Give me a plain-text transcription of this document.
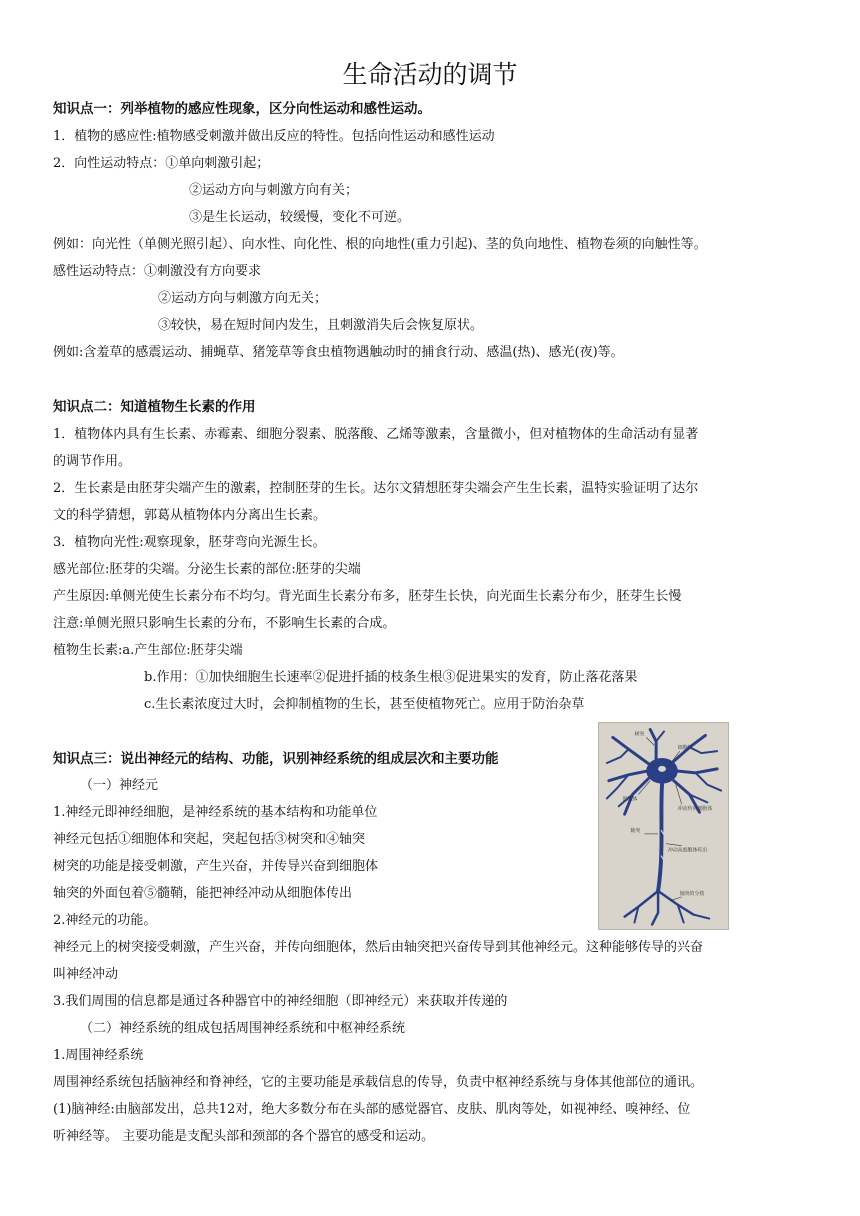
生命活动的调节
知识点一：列举植物的感应性现象，区分向性运动和感性运动。
1．植物的感应性:植物感受刺激并做出反应的特性。包括向性运动和感性运动
2．向性运动特点：①单向刺激引起；
②运动方向与刺激方向有关；
③是生长运动，较缓慢，变化不可逆。
例如：向光性（单侧光照引起）、向水性、向化性、根的向地性(重力引起)、茎的负向地性、植物卷须的向触性等。
感性运动特点：①刺激没有方向要求
②运动方向与刺激方向无关；
③较快，易在短时间内发生，且刺激消失后会恢复原状。
例如:含羞草的感震运动、捕蝇草、猪笼草等食虫植物遇触动时的捕食行动、感温(热)、感光(夜)等。
知识点二：知道植物生长素的作用
1．植物体内具有生长素、赤霉素、细胞分裂素、脱落酸、乙烯等激素，含量微小，但对植物体的生命活动有显著
的调节作用。
2．生长素是由胚芽尖端产生的激素，控制胚芽的生长。达尔文猜想胚芽尖端会产生生长素，温特实验证明了达尔
文的科学猜想，郭葛从植物体内分离出生长素。
3．植物向光性:观察现象，胚芽弯向光源生长。
感光部位:胚芽的尖端。分泌生长素的部位:胚芽的尖端
产生原因:单侧光使生长素分布不均匀。背光面生长素分布多，胚芽生长快，向光面生长素分布少，胚芽生长慢
注意:单侧光照只影响生长素的分布，不影响生长素的合成。
植物生长素:a.产生部位:胚芽尖端
b.作用：①加快细胞生长速率②促进扦插的枝条生根③促进果实的发育，防止落花落果
c.生长素浓度过大时，会抑制植物的生长，甚至使植物死亡。应用于防治杂草
知识点三：说出神经元的结构、功能，识别神经系统的组成层次和主要功能
（一）神经元
1.神经元即神经细胞，是神经系统的基本结构和功能单位
神经元包括①细胞体和突起，突起包括③树突和④轴突
树突的功能是接受刺激，产生兴奋，并传导兴奋到细胞体
轴突的外面包着⑤髓鞘，能把神经冲动从细胞体传出
2.神经元的功能。
神经元上的树突接受刺激，产生兴奋，并传向细胞体，然后由轴突把兴奋传导到其他神经元。这种能够传导的兴奋
叫神经冲动
3.我们周围的信息都是通过各种器官中的神经细胞（即神经元）来获取并传递的
（二）神经系统的组成包括周围神经系统和中枢神经系统
1.周围神经系统
周围神经系统包括脑神经和脊神经，它的主要功能是承载信息的传导，负责中枢神经系统与身体其他部位的通讯。
(1)脑神经:由脑部发出，总共12对，绝大多数分布在头部的感觉器官、皮肤、肌肉等处，如视神经、嗅神经、位
听神经等。 主要功能是支配头部和颈部的各个器官的感受和运动。
树突
细胞核
细胞体
冲动传向细胞体
轴突
冲动从细胞体传出
轴突的分枝
